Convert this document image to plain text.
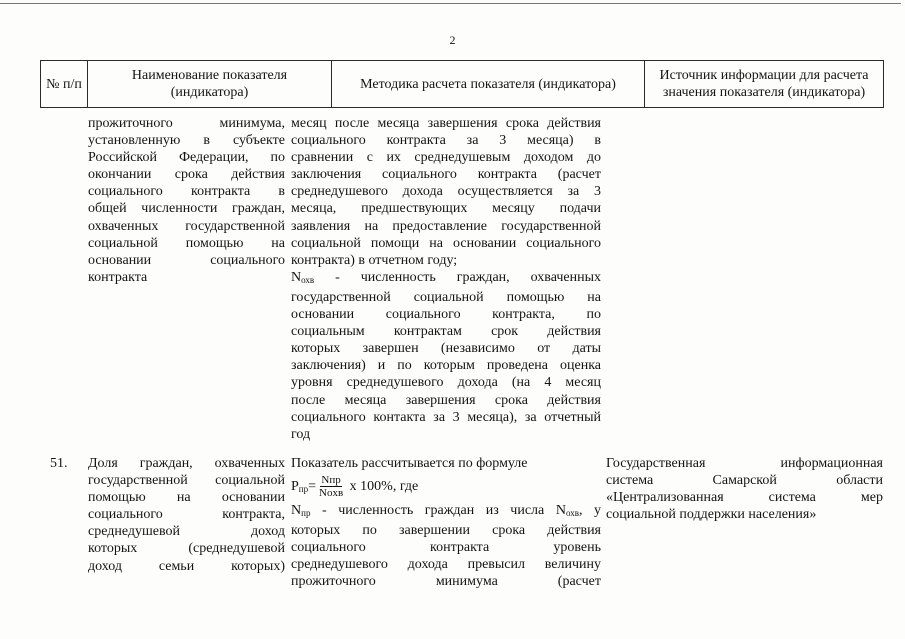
2
№ п/п
Наименование показателя (индикатора)
Методика расчета показателя (индикатора)
Источник информации для расчета значения показателя (индикатора)
прожиточного минимума,
установленную в субъекте
Российской Федерации, по
окончании срока действия
социального контракта в
общей численности граждан,
охваченных государственной
социальной помощью на
основании социального
контракта
месяц после месяца завершения срока действия
социального контракта за 3 месяца) в
сравнении с их среднедушевым доходом до
заключения социального контракта (расчет
среднедушевого дохода осуществляется за 3
месяца, предшествующих месяцу подачи
заявления на предоставление государственной
социальной помощи на основании социального
контракта) в отчетном году;
$N_{охв}$ - численность граждан, охваченных
государственной социальной помощью на
основании социального контракта, по
социальным контрактам срок действия
которых завершен (независимо от даты
заключения) и по которым проведена оценка
уровня среднедушевого дохода (на 4 месяц
после месяца завершения срока действия
социального контакта за 3 месяца), за отчетный
год
51. Доля граждан, охваченных
государственной социальной
помощью на основании
социального контракта,
среднедушевой доход
которых (среднедушевой
доход семьи которых)
Показатель рассчитывается по формуле
$P_{пр}= \frac{\text{Nпр}}{\text{Noхв}}$ x 100%, где
$N_{пр}$ - численность граждан из числа $N_{охв}$, у
которых по завершении срока действия
социального контракта уровень
среднедушевого дохода превысил величину
прожиточного минимума (расчет
Государственная информационная
система Самарской области
«Централизованная система мер
социальной поддержки населения»
